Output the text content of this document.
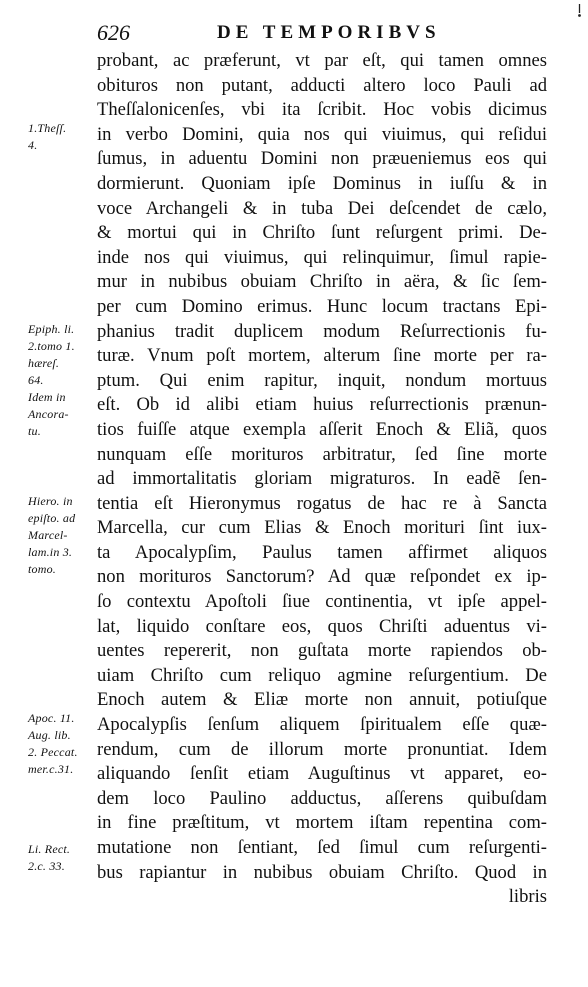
626	DE TEMPORIBVS
1.Theſſ.
4.
Epiph. li.
2.tomo 1.
hæreſ.
64.
Idem in
Ancora-
tu.
Hiero. in
epiſto. ad
Marcel-
lam.in 3.
tomo.
Apoc. 11.
Aug. lib.
2. Peccat.
mer.c.31.
Li. Rect.
2.c. 33.
probant, ac præferunt, vt par eſt, qui tamen omnes
obituros non putant, adducti altero loco Pauli ad
Theſſalonicenſes, vbi ita ſcribit. Hoc vobis dicimus
in verbo Domini, quia nos qui viuimus, qui reſidui
ſumus, in aduentu Domini non præueniemus eos qui
dormierunt. Quoniam ipſe Dominus in iuſſu & in
voce Archangeli & in tuba Dei deſcendet de cælo,
& mortui qui in Chriſto ſunt reſurgent primi. De-
inde nos qui viuimus, qui relinquimur, ſimul rapie-
mur in nubibus obuiam Chriſto in aëra, & ſic ſem-
per cum Domino erimus. Hunc locum tractans Epi-
phanius tradit duplicem modum Reſurrectionis fu-
turæ. Vnum poſt mortem, alterum ſine morte per ra-
ptum. Qui enim rapitur, inquit, nondum mortuus
eſt. Ob id alibi etiam huius reſurrectionis prænun-
tios fuiſſe atque exempla aſſerit Enoch & Eliã, quos
nunquam eſſe morituros arbitratur, ſed ſine morte
ad immortalitatis gloriam migraturos. In eadẽ ſen-
tentia eſt Hieronymus rogatus de hac re à Sancta
Marcella, cur cum Elias & Enoch morituri ſint iux-
ta Apocalypſim, Paulus tamen affirmet aliquos
non morituros Sanctorum? Ad quæ reſpondet ex ip-
ſo contextu Apoſtoli ſiue continentia, vt ipſe appel-
lat, liquido conſtare eos, quos Chriſti aduentus vi-
uentes repererit, non guſtata morte rapiendos ob-
uiam Chriſto cum reliquo agmine reſurgentium. De
Enoch autem & Eliæ morte non annuit, potiuſque
Apocalypſis ſenſum aliquem ſpiritualem eſſe quæ-
rendum, cum de illorum morte pronuntiat. Idem
aliquando ſenſit etiam Auguſtinus vt apparet, eo-
dem loco Paulino adductus, aſſerens quibuſdam
in fine præſtitum, vt mortem iſtam repentina com-
mutatione non ſentiant, ſed ſimul cum reſurgenti-
bus rapiantur in nubibus obuiam Chriſto. Quod in
libris
